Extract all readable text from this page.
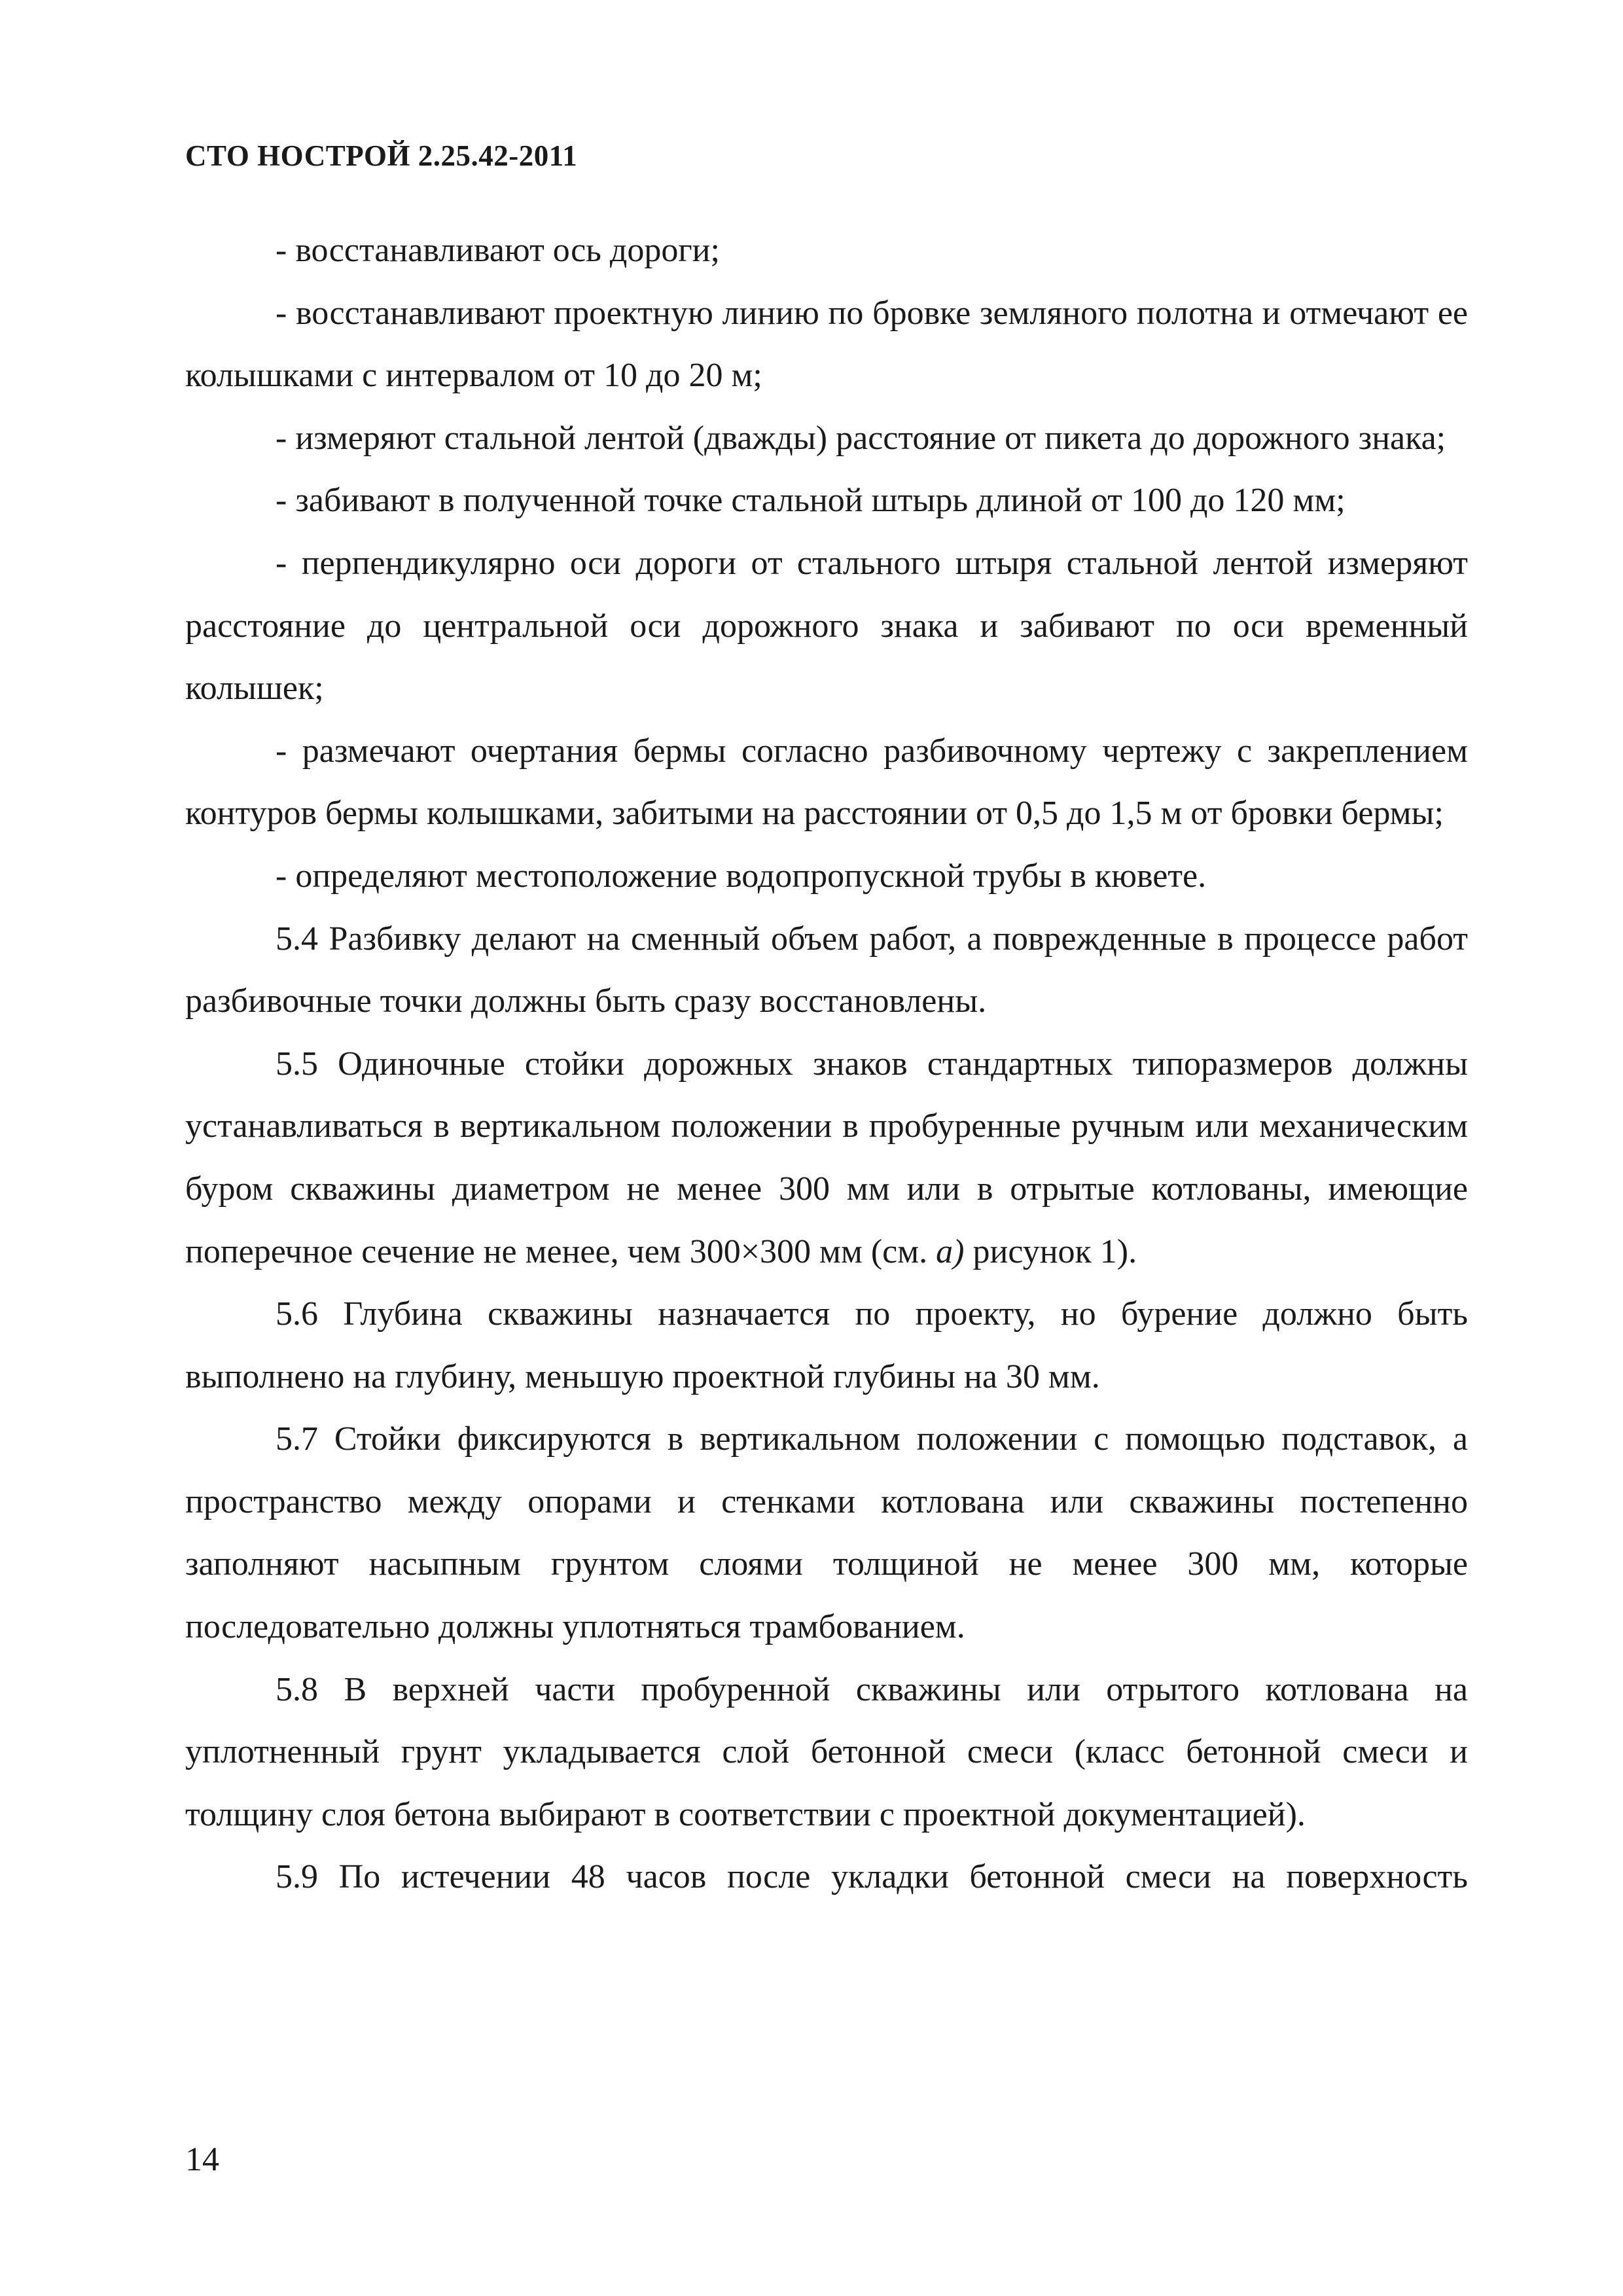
СТО НОСТРОЙ 2.25.42-2011

- восстанавливают ось дороги;

- восстанавливают проектную линию по бровке земляного полотна и отмечают ее колышками с интервалом от 10 до 20 м;

- измеряют стальной лентой (дважды) расстояние от пикета до дорожного знака;

- забивают в полученной точке стальной штырь длиной от 100 до 120 мм;

- перпендикулярно оси дороги от стального штыря стальной лентой измеряют расстояние до центральной оси дорожного знака и забивают по оси временный колышек;

- размечают очертания бермы согласно разбивочному чертежу с закреплением контуров бермы колышками, забитыми на расстоянии от 0,5 до 1,5 м от бровки бермы;

- определяют местоположение водопропускной трубы в кювете.

5.4 Разбивку делают на сменный объем работ, а поврежденные в процессе работ разбивочные точки должны быть сразу восстановлены.

5.5 Одиночные стойки дорожных знаков стандартных типоразмеров должны устанавливаться в вертикальном положении в пробуренные ручным или механическим буром скважины диаметром не менее 300 мм или в отрытые котлованы, имеющие поперечное сечение не менее, чем 300×300 мм (см. а) рисунок 1).

5.6 Глубина скважины назначается по проекту, но бурение должно быть выполнено на глубину, меньшую проектной глубины на 30 мм.

5.7 Стойки фиксируются в вертикальном положении с помощью подставок, а пространство между опорами и стенками котлована или скважины постепенно заполняют насыпным грунтом слоями толщиной не менее 300 мм, которые последовательно должны уплотняться трамбованием.

5.8 В верхней части пробуренной скважины или отрытого котлована на уплотненный грунт укладывается слой бетонной смеси (класс бетонной смеси и толщину слоя бетона выбирают в соответствии с проектной документацией).

5.9 По истечении 48 часов после укладки бетонной смеси на поверхность

14
